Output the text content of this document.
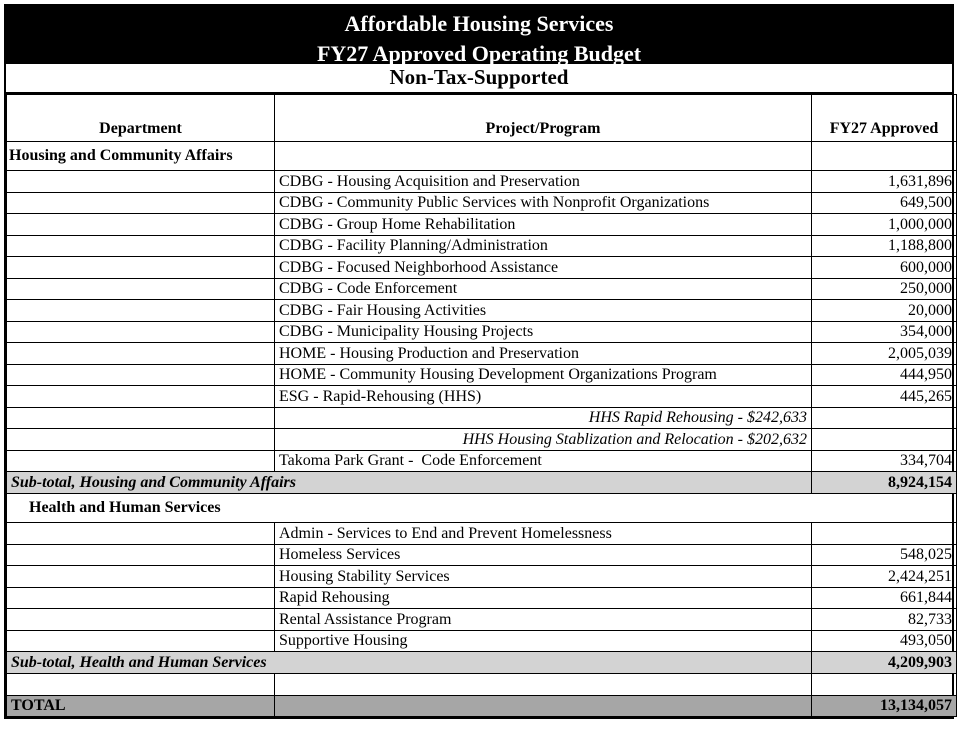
Affordable Housing Services
FY27 Approved Operating Budget
Non-Tax-Supported
Department	Project/Program	FY27 Approved
Housing and Community Affairs		
	CDBG - Housing Acquisition and Preservation	1,631,896
	CDBG - Community Public Services with Nonprofit Organizations	649,500
	CDBG - Group Home Rehabilitation	1,000,000
	CDBG - Facility Planning/Administration	1,188,800
	CDBG - Focused Neighborhood Assistance	600,000
	CDBG - Code Enforcement	250,000
	CDBG - Fair Housing Activities	20,000
	CDBG - Municipality Housing Projects	354,000
	HOME - Housing Production and Preservation	2,005,039
	HOME - Community Housing Development Organizations Program	444,950
	ESG - Rapid-Rehousing (HHS)	445,265
	HHS Rapid Rehousing - $242,633	
	HHS Housing Stablization and Relocation - $202,632	
	Takoma Park Grant -  Code Enforcement	334,704
Sub-total, Housing and Community Affairs		8,924,154
Health and Human Services		
	Admin - Services to End and Prevent Homelessness	
	Homeless Services	548,025
	Housing Stability Services	2,424,251
	Rapid Rehousing	661,844
	Rental Assistance Program	82,733
	Supportive Housing	493,050
Sub-total, Health and Human Services		4,209,903

TOTAL		13,134,057
